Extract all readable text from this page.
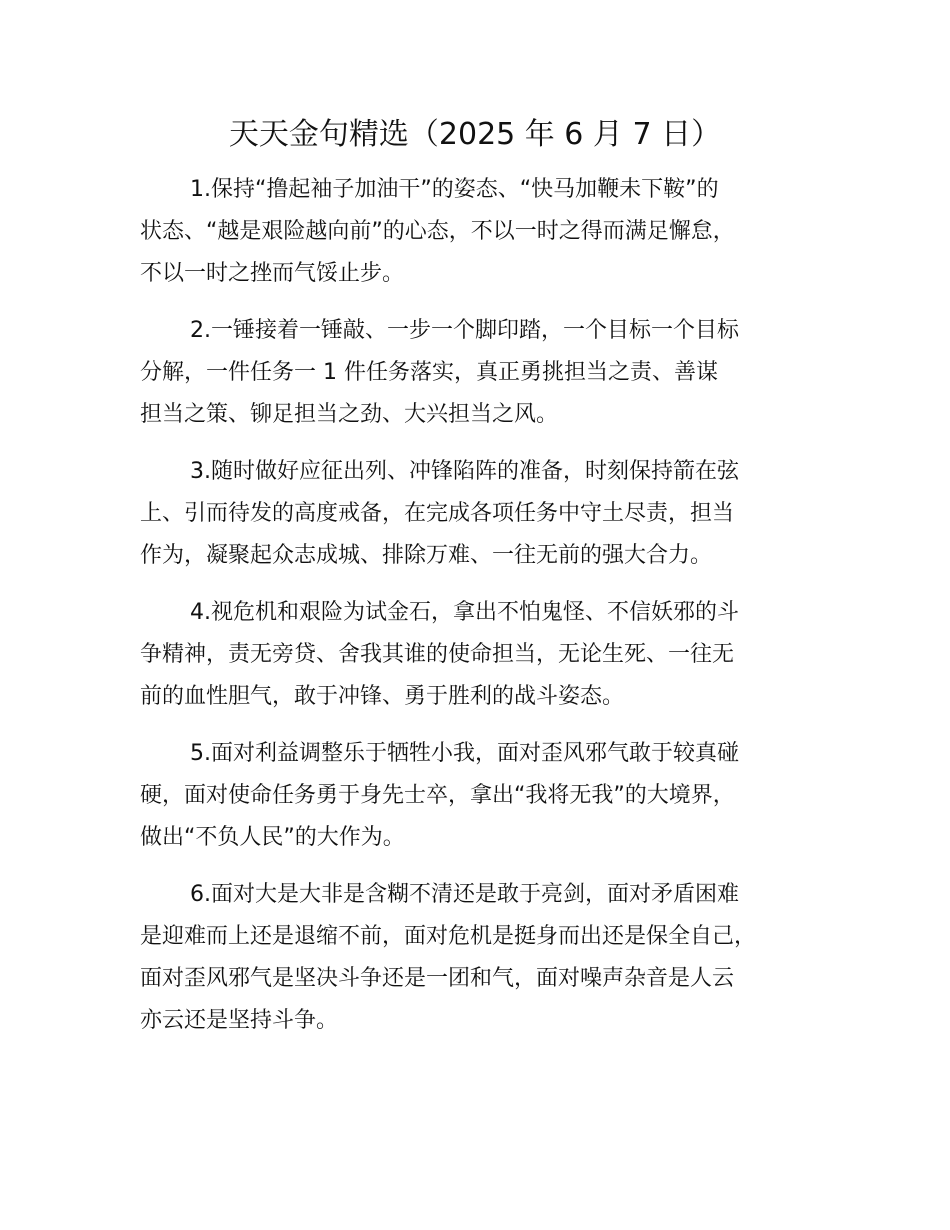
天天金句精选（2025 年 6 月 7 日）
1.保持“撸起袖子加油干”的姿态、“快马加鞭未下鞍”的
状态、“越是艰险越向前”的心态，不以一时之得而满足懈怠，
不以一时之挫而气馁止步。
2.一锤接着一锤敲、一步一个脚印踏，一个目标一个目标
分解，一件任务一 1 件任务落实，真正勇挑担当之责、善谋
担当之策、铆足担当之劲、大兴担当之风。
3.随时做好应征出列、冲锋陷阵的准备，时刻保持箭在弦
上、引而待发的高度戒备，在完成各项任务中守土尽责，担当
作为，凝聚起众志成城、排除万难、一往无前的强大合力。
4.视危机和艰险为试金石，拿出不怕鬼怪、不信妖邪的斗
争精神，责无旁贷、舍我其谁的使命担当，无论生死、一往无
前的血性胆气，敢于冲锋、勇于胜利的战斗姿态。
5.面对利益调整乐于牺牲小我，面对歪风邪气敢于较真碰
硬，面对使命任务勇于身先士卒，拿出“我将无我”的大境界，
做出“不负人民”的大作为。
6.面对大是大非是含糊不清还是敢于亮剑，面对矛盾困难
是迎难而上还是退缩不前，面对危机是挺身而出还是保全自己，
面对歪风邪气是坚决斗争还是一团和气，面对噪声杂音是人云
亦云还是坚持斗争。
